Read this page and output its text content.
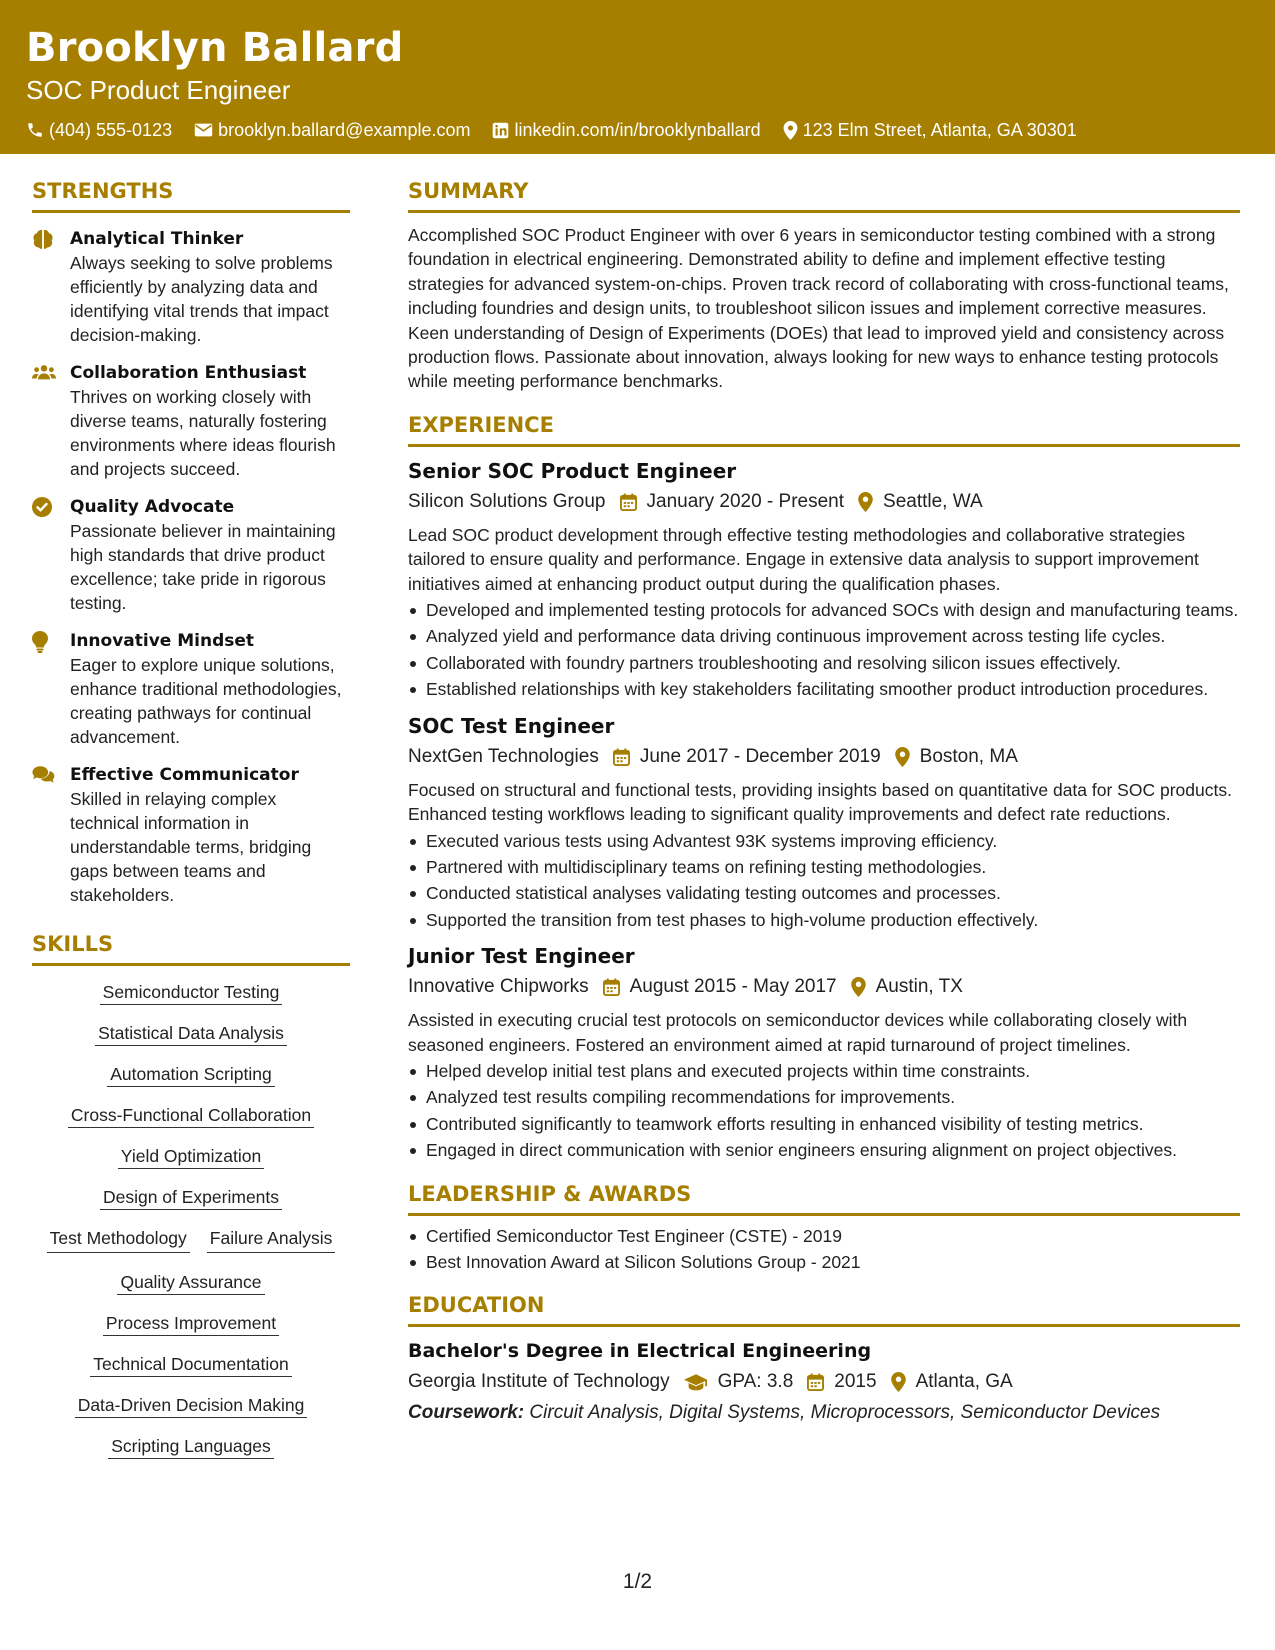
Brooklyn Ballard
SOC Product Engineer
(404) 555-0123	brooklyn.ballard@example.com linkedin.com/in/brooklynballard 123 Elm Street, Atlanta, GA 30301
STRENGTHS
Analytical Thinker
Always seeking to solve problems efficiently by analyzing data and identifying vital trends that impact decision-making.
Collaboration Enthusiast
Thrives on working closely with diverse teams, naturally fostering environments where ideas flourish and projects succeed.
Quality Advocate
Passionate believer in maintaining high standards that drive product excellence; take pride in rigorous testing.
Innovative Mindset
Eager to explore unique solutions, enhance traditional methodologies, creating pathways for continual advancement.
Effective Communicator
Skilled in relaying complex technical information in understandable terms, bridging gaps between teams and stakeholders.
SKILLS
Semiconductor Testing
Statistical Data Analysis
Automation Scripting
Cross-Functional Collaboration
Yield Optimization
Design of Experiments
Test Methodology Failure Analysis
Quality Assurance
Process Improvement
Technical Documentation
Data-Driven Decision Making
Scripting Languages
SUMMARY
Accomplished SOC Product Engineer with over 6 years in semiconductor testing combined with a strong foundation in electrical engineering. Demonstrated ability to define and implement effective testing strategies for advanced system-on-chips. Proven track record of collaborating with cross-functional teams, including foundries and design units, to troubleshoot silicon issues and implement corrective measures. Keen understanding of Design of Experiments (DOEs) that lead to improved yield and consistency across production flows. Passionate about innovation, always looking for new ways to enhance testing protocols while meeting performance benchmarks.
EXPERIENCE
Senior SOC Product Engineer
Silicon Solutions Group January 2020 - Present Seattle, WA
Lead SOC product development through effective testing methodologies and collaborative strategies tailored to ensure quality and performance. Engage in extensive data analysis to support improvement initiatives aimed at enhancing product output during the qualification phases.
Developed and implemented testing protocols for advanced SOCs with design and manufacturing teams.
Analyzed yield and performance data driving continuous improvement across testing life cycles.
Collaborated with foundry partners troubleshooting and resolving silicon issues effectively.
Established relationships with key stakeholders facilitating smoother product introduction procedures.
SOC Test Engineer
NextGen Technologies June 2017 - December 2019 Boston, MA
Focused on structural and functional tests, providing insights based on quantitative data for SOC products. Enhanced testing workflows leading to significant quality improvements and defect rate reductions.
Executed various tests using Advantest 93K systems improving efficiency.
Partnered with multidisciplinary teams on refining testing methodologies.
Conducted statistical analyses validating testing outcomes and processes.
Supported the transition from test phases to high-volume production effectively.
Junior Test Engineer
Innovative Chipworks August 2015 - May 2017 Austin, TX
Assisted in executing crucial test protocols on semiconductor devices while collaborating closely with seasoned engineers. Fostered an environment aimed at rapid turnaround of project timelines.
Helped develop initial test plans and executed projects within time constraints.
Analyzed test results compiling recommendations for improvements.
Contributed significantly to teamwork efforts resulting in enhanced visibility of testing metrics.
Engaged in direct communication with senior engineers ensuring alignment on project objectives.
LEADERSHIP & AWARDS
Certified Semiconductor Test Engineer (CSTE) - 2019
Best Innovation Award at Silicon Solutions Group - 2021
EDUCATION
Bachelor's Degree in Electrical Engineering
Georgia Institute of Technology	GPA: 3.8 2015 Atlanta, GA
Coursework: Circuit Analysis, Digital Systems, Microprocessors, Semiconductor Devices
1/2
